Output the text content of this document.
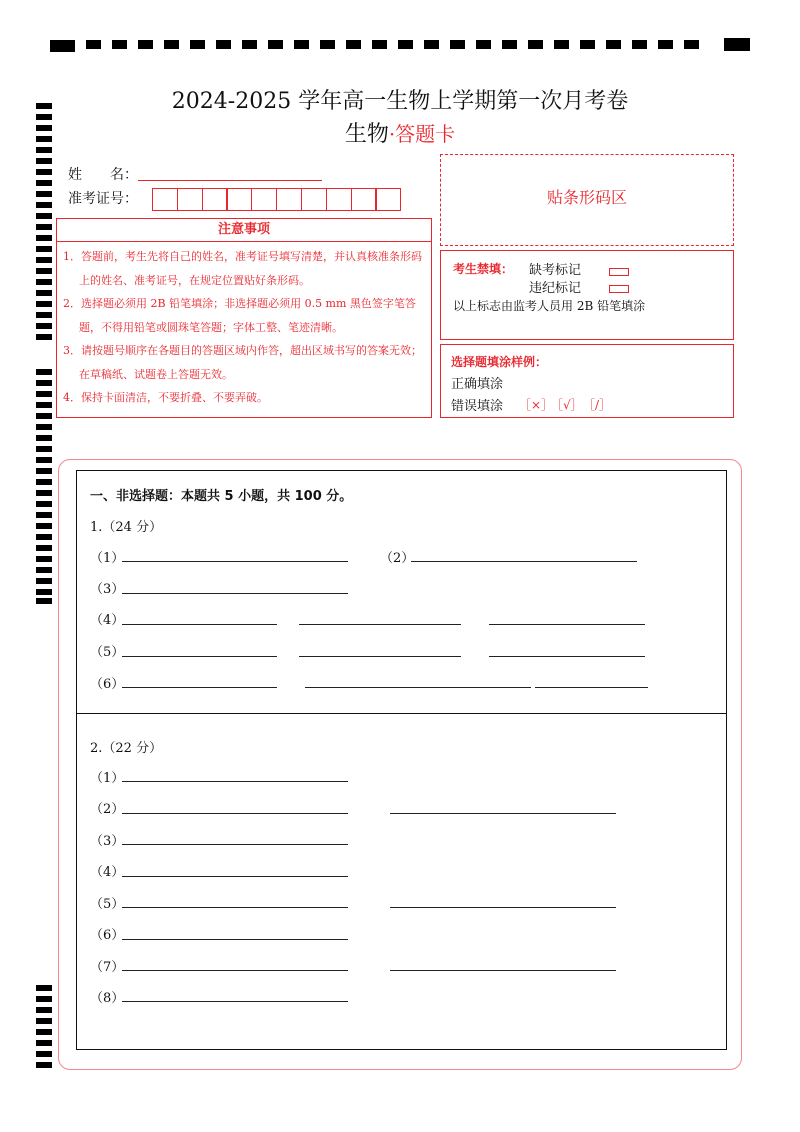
2024-2025 学年高一生物上学期第一次月考卷
生物·答题卡
姓　　名：
准考证号：
注意事项
1．答题前，考生先将自己的姓名，准考证号填写清楚，并认真核准条形码上的姓名、准考证号，在规定位置贴好条形码。
2．选择题必须用 2B 铅笔填涂；非选择题必须用 0.5 mm 黑色签字笔答题，不得用铅笔或圆珠笔答题；字体工整、笔迹清晰。
3．请按题号顺序在各题目的答题区域内作答，超出区域书写的答案无效；在草稿纸、试题卷上答题无效。
4．保持卡面清洁，不要折叠、不要弄破。
贴条形码区
考生禁填： 缺考标记
违纪标记
以上标志由监考人员用 2B 铅笔填涂
选择题填涂样例：
正确填涂
错误填涂 ［×］
［√］ ［/］
一、非选择题：本题共 5 小题，共 100 分。
1.（24 分）
（1）	（2）
（3）
（4）
（5）
（6）
2.（22 分）
（1）
（2）
（3）
（4）
（5）
（6）
（7）
（8）
